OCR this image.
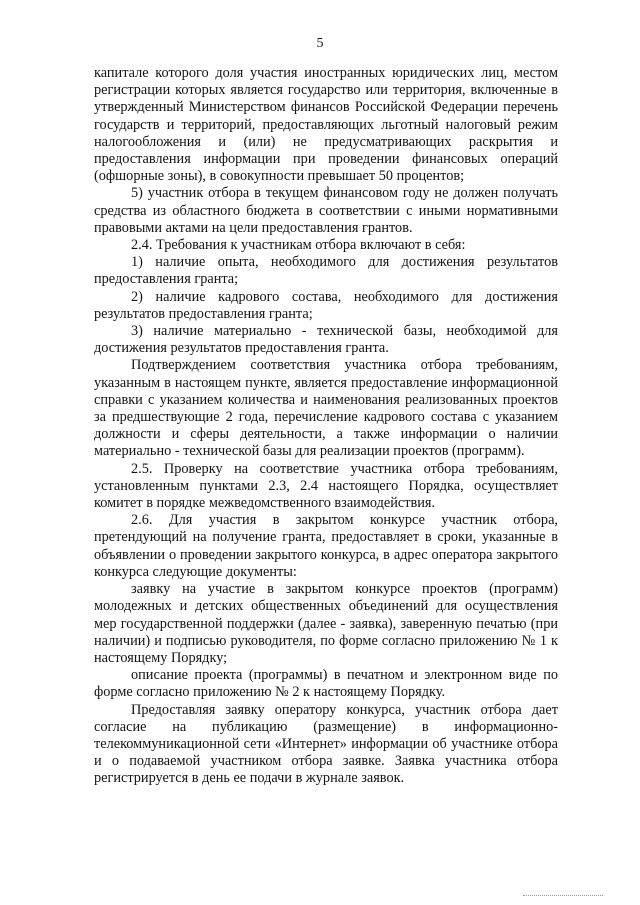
5

капитале которого доля участия иностранных юридических лиц, местом регистрации которых является государство или территория, включенные в утвержденный Министерством финансов Российской Федерации перечень государств и территорий, предоставляющих льготный налоговый режим налогообложения и (или) не предусматривающих раскрытия и предоставления информации при проведении финансовых операций (офшорные зоны), в совокупности превышает 50 процентов;

5) участник отбора в текущем финансовом году не должен получать средства из областного бюджета в соответствии с иными нормативными правовыми актами на цели предоставления грантов.

2.4. Требования к участникам отбора включают в себя:

1) наличие опыта, необходимого для достижения результатов предоставления гранта;

2) наличие кадрового состава, необходимого для достижения результатов предоставления гранта;

3) наличие материально - технической базы, необходимой для достижения результатов предоставления гранта.

Подтверждением соответствия участника отбора требованиям, указанным в настоящем пункте, является предоставление информационной справки с указанием количества и наименования реализованных проектов за предшествующие 2 года, перечисление кадрового состава с указанием должности и сферы деятельности, а также информации о наличии материально - технической базы для реализации проектов (программ).

2.5. Проверку на соответствие участника отбора требованиям, установленным пунктами 2.3, 2.4 настоящего Порядка, осуществляет комитет в порядке межведомственного взаимодействия.

2.6. Для участия в закрытом конкурсе участник отбора, претендующий на получение гранта, предоставляет в сроки, указанные в объявлении о проведении закрытого конкурса, в адрес оператора закрытого конкурса следующие документы:

заявку на участие в закрытом конкурсе проектов (программ) молодежных и детских общественных объединений для осуществления мер государственной поддержки (далее - заявка), заверенную печатью (при наличии) и подписью руководителя, по форме согласно приложению № 1 к настоящему Порядку;

описание проекта (программы) в печатном и электронном виде по форме согласно приложению № 2 к настоящему Порядку.

Предоставляя заявку оператору конкурса, участник отбора дает согласие на публикацию (размещение) в информационно-телекоммуникационной сети «Интернет» информации об участнике отбора и о подаваемой участником отбора заявке. Заявка участника отбора регистрируется в день ее подачи в журнале заявок.
